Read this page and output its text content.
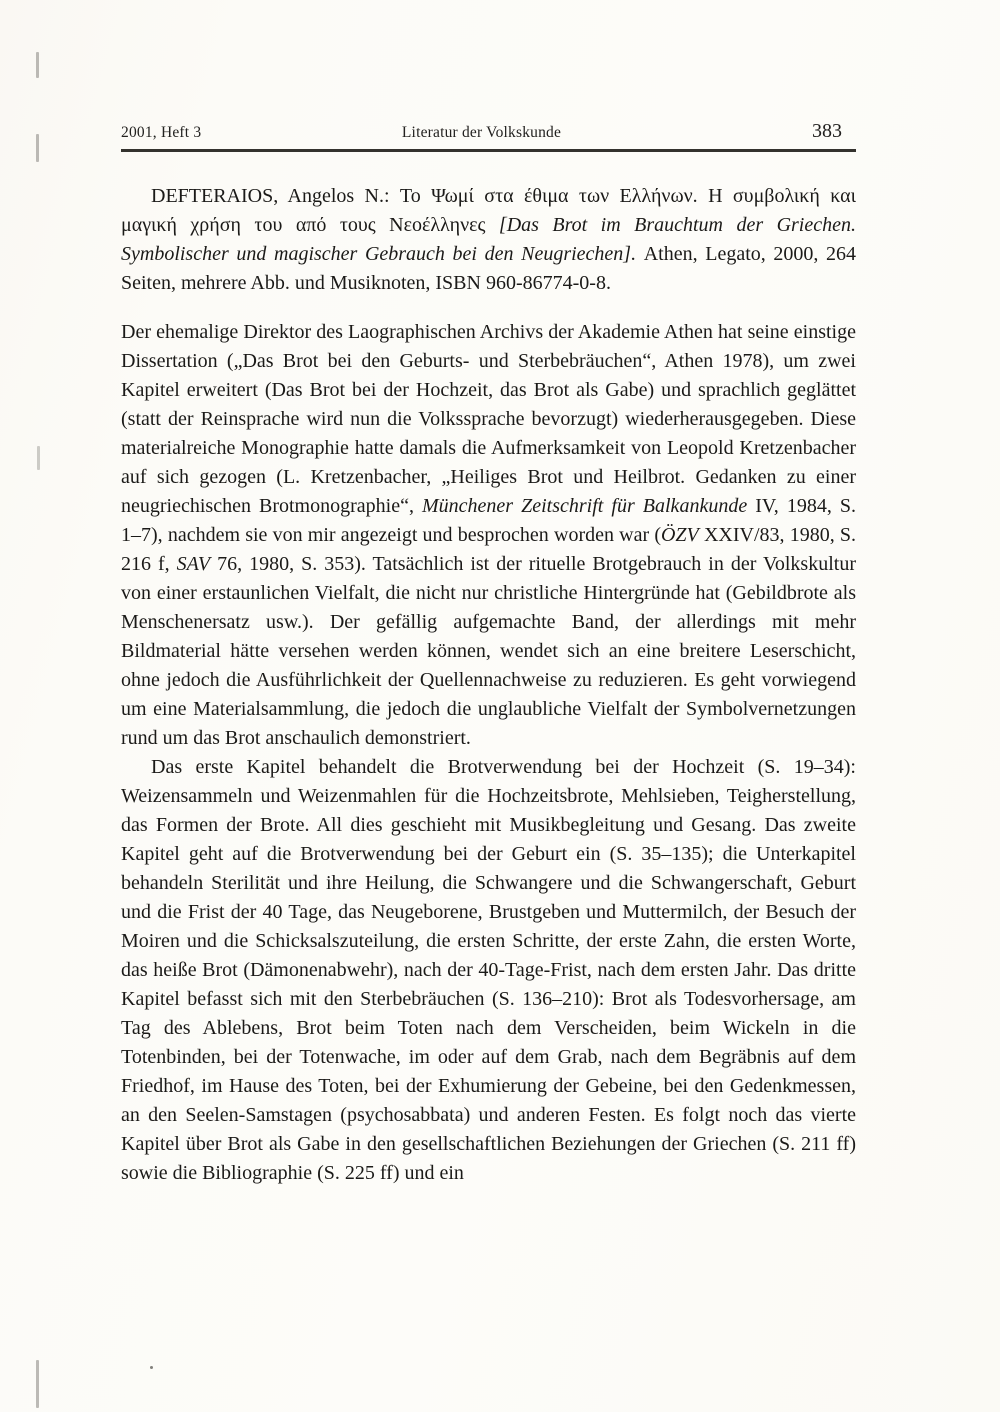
2001, Heft 3	Literatur der Volkskunde	383

DEFTERAIOS, Angelos N.: Το Ψωμί στα έθιμα των Ελλήνων. Η συμβολική και μαγική χρήση του από τους Νεοέλληνες [Das Brot im Brauchtum der Griechen. Symbolischer und magischer Gebrauch bei den Neugriechen]. Athen, Legato, 2000, 264 Seiten, mehrere Abb. und Musiknoten, ISBN 960-86774-0-8.

Der ehemalige Direktor des Laographischen Archivs der Akademie Athen hat seine einstige Dissertation („Das Brot bei den Geburts- und Sterbebräuchen“, Athen 1978), um zwei Kapitel erweitert (Das Brot bei der Hochzeit, das Brot als Gabe) und sprachlich geglättet (statt der Reinsprache wird nun die Volkssprache bevorzugt) wiederherausgegeben. Diese materialreiche Monographie hatte damals die Aufmerksamkeit von Leopold Kretzenbacher auf sich gezogen (L. Kretzenbacher, „Heiliges Brot und Heilbrot. Gedanken zu einer neugriechischen Brotmonographie“, Münchener Zeitschrift für Balkankunde IV, 1984, S. 1–7), nachdem sie von mir angezeigt und besprochen worden war (ÖZV XXIV/83, 1980, S. 216 f, SAV 76, 1980, S. 353). Tatsächlich ist der rituelle Brotgebrauch in der Volkskultur von einer erstaunlichen Vielfalt, die nicht nur christliche Hintergründe hat (Gebildbrote als Menschenersatz usw.). Der gefällig aufgemachte Band, der allerdings mit mehr Bildmaterial hätte versehen werden können, wendet sich an eine breitere Leserschicht, ohne jedoch die Ausführlichkeit der Quellennachweise zu reduzieren. Es geht vorwiegend um eine Materialsammlung, die jedoch die unglaubliche Vielfalt der Symbolvernetzungen rund um das Brot anschaulich demonstriert.

Das erste Kapitel behandelt die Brotverwendung bei der Hochzeit (S. 19–34): Weizensammeln und Weizenmahlen für die Hochzeitsbrote, Mehlsieben, Teigherstellung, das Formen der Brote. All dies geschieht mit Musikbegleitung und Gesang. Das zweite Kapitel geht auf die Brotverwendung bei der Geburt ein (S. 35–135); die Unterkapitel behandeln Sterilität und ihre Heilung, die Schwangere und die Schwangerschaft, Geburt und die Frist der 40 Tage, das Neugeborene, Brustgeben und Muttermilch, der Besuch der Moiren und die Schicksalszuteilung, die ersten Schritte, der erste Zahn, die ersten Worte, das heiße Brot (Dämonenabwehr), nach der 40-Tage-Frist, nach dem ersten Jahr. Das dritte Kapitel befasst sich mit den Sterbebräuchen (S. 136–210): Brot als Todesvorhersage, am Tag des Ablebens, Brot beim Toten nach dem Verscheiden, beim Wickeln in die Totenbinden, bei der Totenwache, im oder auf dem Grab, nach dem Begräbnis auf dem Friedhof, im Hause des Toten, bei der Exhumierung der Gebeine, bei den Gedenkmessen, an den Seelen-Samstagen (psychosabbata) und anderen Festen. Es folgt noch das vierte Kapitel über Brot als Gabe in den gesellschaftlichen Beziehungen der Griechen (S. 211 ff) sowie die Bibliographie (S. 225 ff) und ein
